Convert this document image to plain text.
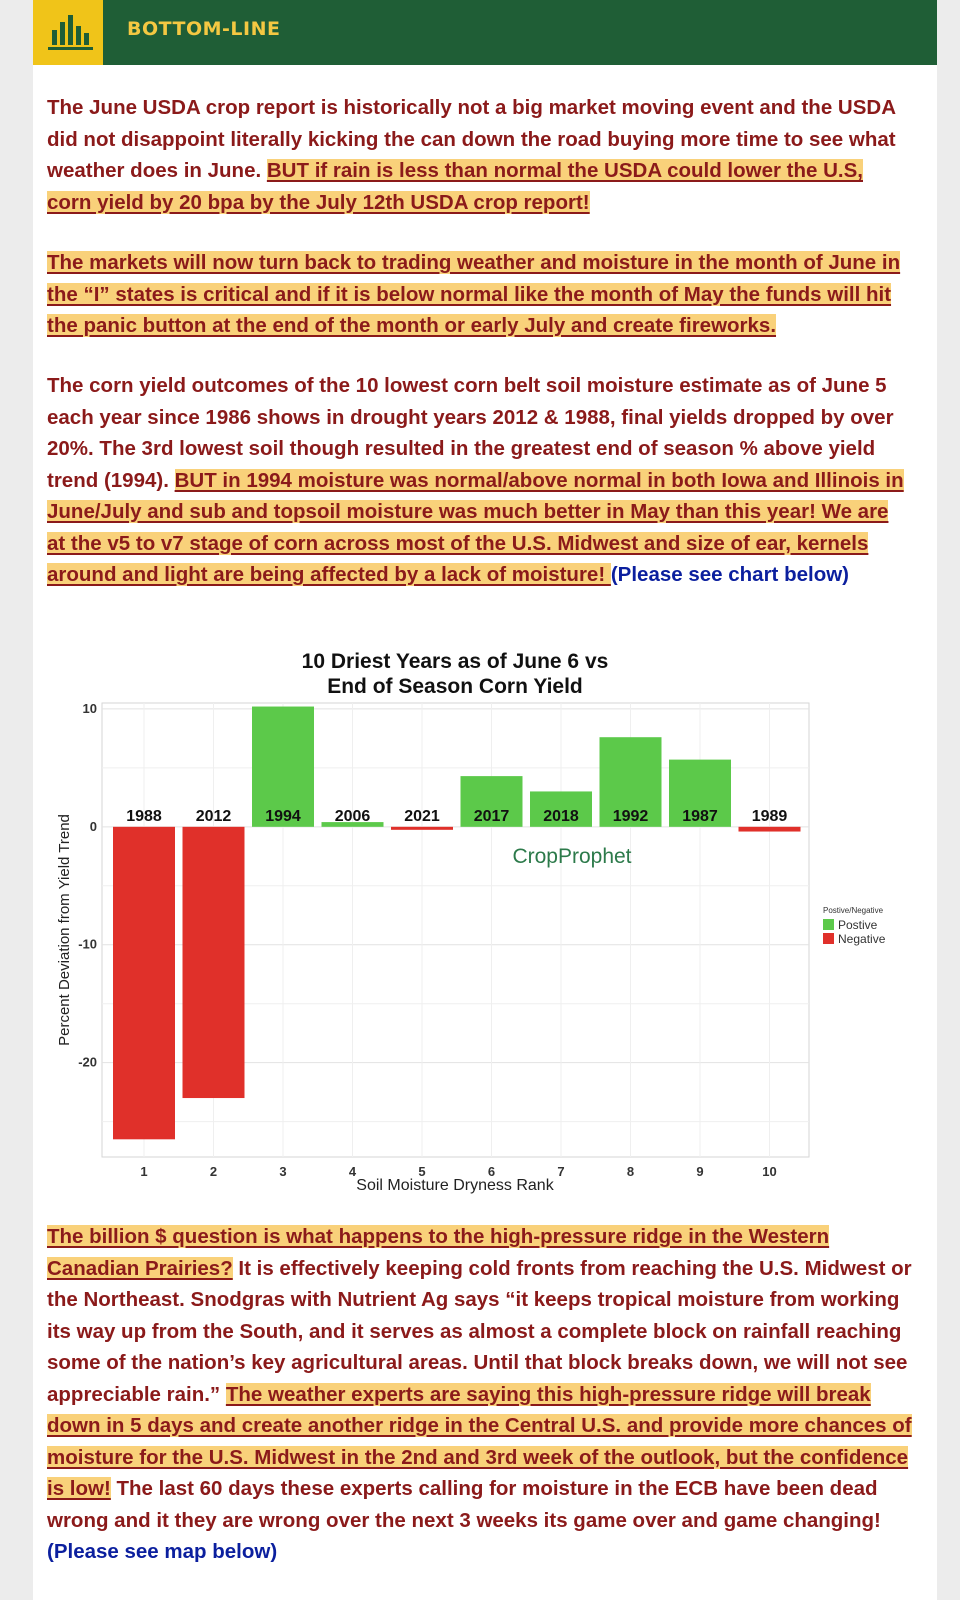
BOTTOM-LINE

The June USDA crop report is historically not a big market moving event and the USDA did not disappoint literally kicking the can down the road buying more time to see what weather does in June. BUT if rain is less than normal the USDA could lower the U.S, corn yield by 20 bpa by the July 12th USDA crop report!

The markets will now turn back to trading weather and moisture in the month of June in the “I” states is critical and if it is below normal like the month of May the funds will hit the panic button at the end of the month or early July and create fireworks.

The corn yield outcomes of the 10 lowest corn belt soil moisture estimate as of June 5 each year since 1986 shows in drought years 2012 & 1988, final yields dropped by over 20%. The 3rd lowest soil though resulted in the greatest end of season % above yield trend (1994). BUT in 1994 moisture was normal/above normal in both Iowa and Illinois in June/July and sub and topsoil moisture was much better in May than this year! We are at the v5 to v7 stage of corn across most of the U.S. Midwest and size of ear, kernels around and light are being affected by a lack of moisture! (Please see chart below)

10 Driest Years as of June 6 vs
End of Season Corn Yield
10
0
-10
-20
1988
1
2012
2
1994
3
2006
4
2021
5
2017
6
2018
7
1992
8
1987
9
1989
10
Soil Moisture Dryness Rank
Percent Deviation from Yield Trend	CropProphet
Postive/Negative
Postive
Negative

The billion $ question is what happens to the high-pressure ridge in the Western Canadian Prairies? It is effectively keeping cold fronts from reaching the U.S. Midwest or the Northeast. Snodgras with Nutrient Ag says “it keeps tropical moisture from working its way up from the South, and it serves as almost a complete block on rainfall reaching some of the nation’s key agricultural areas. Until that block breaks down, we will not see appreciable rain.” The weather experts are saying this high-pressure ridge will break down in 5 days and create another ridge in the Central U.S. and provide more chances of moisture for the U.S. Midwest in the 2nd and 3rd week of the outlook, but the confidence is low! The last 60 days these experts calling for moisture in the ECB have been dead wrong and it they are wrong over the next 3 weeks its game over and game changing! (Please see map below)
